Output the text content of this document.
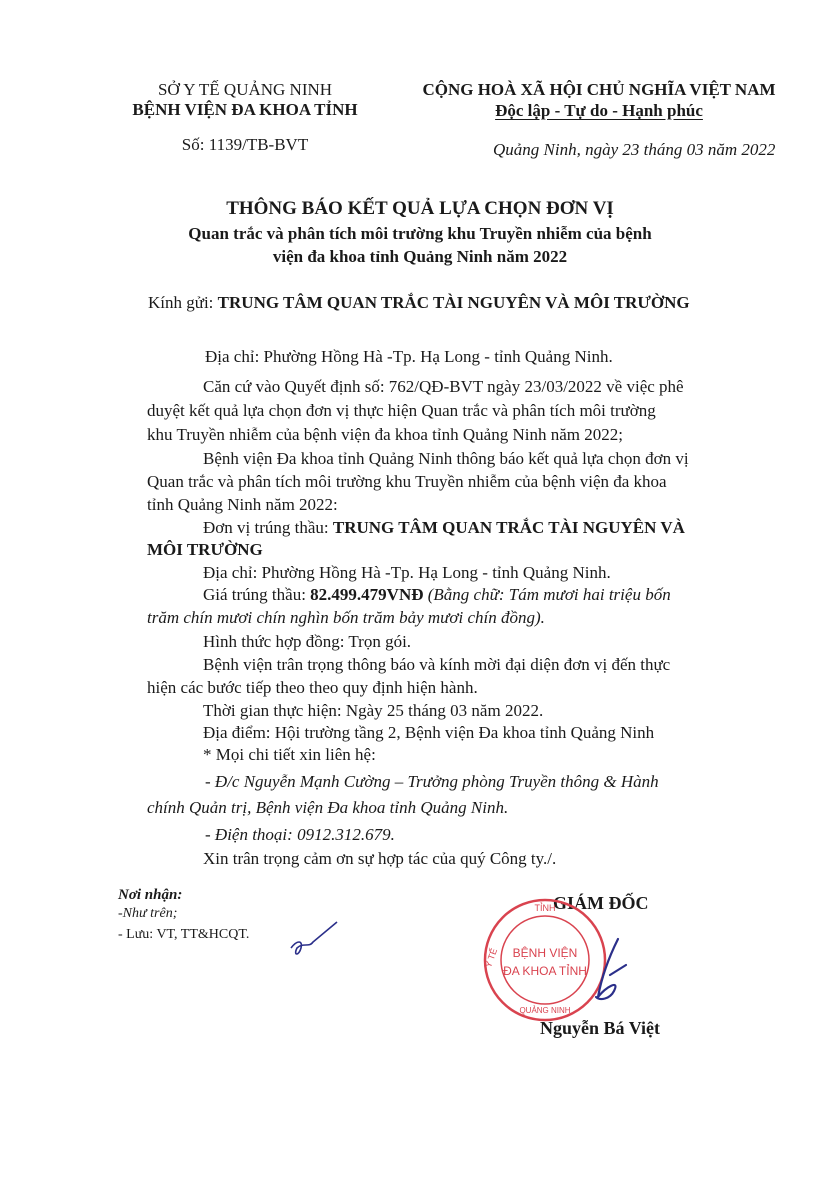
SỞ Y TẾ QUẢNG NINH
BỆNH VIỆN ĐA KHOA TỈNH
Số: 1139/TB-BVT
CỘNG HOÀ XÃ HỘI CHỦ NGHĨA VIỆT NAM
Độc lập - Tự do - Hạnh phúc
Quảng Ninh, ngày 23 tháng 03 năm 2022
THÔNG BÁO KẾT QUẢ LỰA CHỌN ĐƠN VỊ
Quan trắc và phân tích môi trường khu Truyền nhiễm của bệnh
viện đa khoa tỉnh Quảng Ninh năm 2022
Kính gửi: TRUNG TÂM QUAN TRẮC TÀI NGUYÊN VÀ MÔI TRƯỜNG
Địa chỉ: Phường Hồng Hà -Tp. Hạ Long - tỉnh Quảng Ninh.
Căn cứ vào Quyết định số: 762/QĐ-BVT ngày 23/03/2022 về việc phê
duyệt kết quả lựa chọn đơn vị thực hiện Quan trắc và phân tích môi trường
khu Truyền nhiễm của bệnh viện đa khoa tỉnh Quảng Ninh năm 2022;
Bệnh viện Đa khoa tỉnh Quảng Ninh thông báo kết quả lựa chọn đơn vị
Quan trắc và phân tích môi trường khu Truyền nhiễm của bệnh viện đa khoa
tỉnh Quảng Ninh năm 2022:
Đơn vị trúng thầu: TRUNG TÂM QUAN TRẮC TÀI NGUYÊN VÀ
MÔI TRƯỜNG
Địa chỉ: Phường Hồng Hà -Tp. Hạ Long - tỉnh Quảng Ninh.
Giá trúng thầu: 82.499.479VNĐ (Bằng chữ: Tám mươi hai triệu bốn
trăm chín mươi chín nghìn bốn trăm bảy mươi chín đồng).
Hình thức hợp đồng: Trọn gói.
Bệnh viện trân trọng thông báo và kính mời đại diện đơn vị đến thực
hiện các bước tiếp theo theo quy định hiện hành.
Thời gian thực hiện: Ngày 25 tháng 03 năm 2022.
Địa điểm: Hội trường tầng 2, Bệnh viện Đa khoa tỉnh Quảng Ninh
* Mọi chi tiết xin liên hệ:
- Đ/c Nguyễn Mạnh Cường – Trưởng phòng Truyền thông & Hành
chính Quản trị, Bệnh viện Đa khoa tỉnh Quảng Ninh.
- Điện thoại: 0912.312.679.
Xin trân trọng cảm ơn sự hợp tác của quý Công ty./.
Nơi nhận:
-Như trên;
- Lưu: VT, TT&HCQT.
GIÁM ĐỐC
TỈNH
Y TẾ BỆNH VIỆN
ĐA KHOA TỈNH
QUẢNG NINH
Nguyễn Bá Việt
